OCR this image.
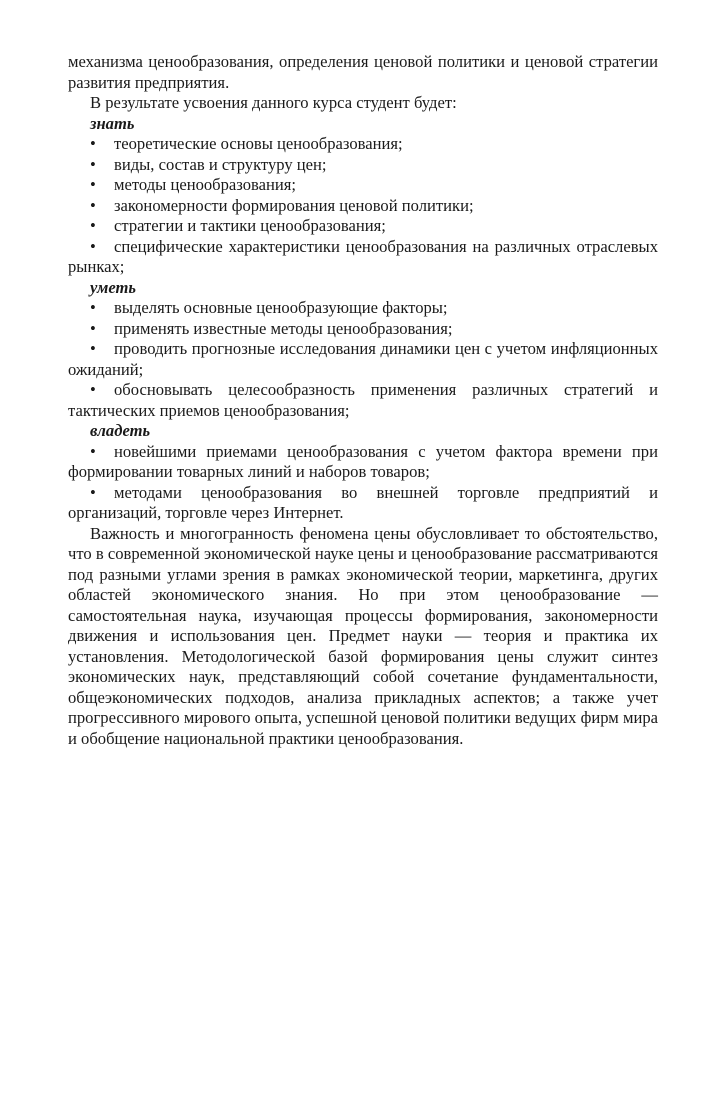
механизма ценообразования, определения ценовой политики и ценовой стратегии развития предприятия.

В результате усвоения данного курса студент будет:

знать

• теоретические основы ценообразования;

• виды, состав и структуру цен;

• методы ценообразования;

• закономерности формирования ценовой политики;

• стратегии и тактики ценообразования;

• специфические характеристики ценообразования на различных отраслевых рынках;

уметь

• выделять основные ценообразующие факторы;

• применять известные методы ценообразования;

• проводить прогнозные исследования динамики цен с учетом инфляционных ожиданий;

• обосновывать целесообразность применения различных стратегий и тактических приемов ценообразования;

владеть

• новейшими приемами ценообразования с учетом фактора времени при формировании товарных линий и наборов товаров;

• методами ценообразования во внешней торговле предприятий и организаций, торговле через Интернет.

Важность и многогранность феномена цены обусловливает то обстоятельство, что в современной экономической науке цены и ценообразование рассматриваются под разными углами зрения в рамках экономической теории, маркетинга, других областей экономического знания. Но при этом ценообразование — самостоятельная наука, изучающая процессы формирования, закономерности движения и использования цен. Предмет науки — теория и практика их установления. Методологической базой формирования цены служит синтез экономических наук, представляющий собой сочетание фундаментальности, общеэкономических подходов, анализа прикладных аспектов; а также учет прогрессивного мирового опыта, успешной ценовой политики ведущих фирм мира и обобщение национальной практики ценообразования.
